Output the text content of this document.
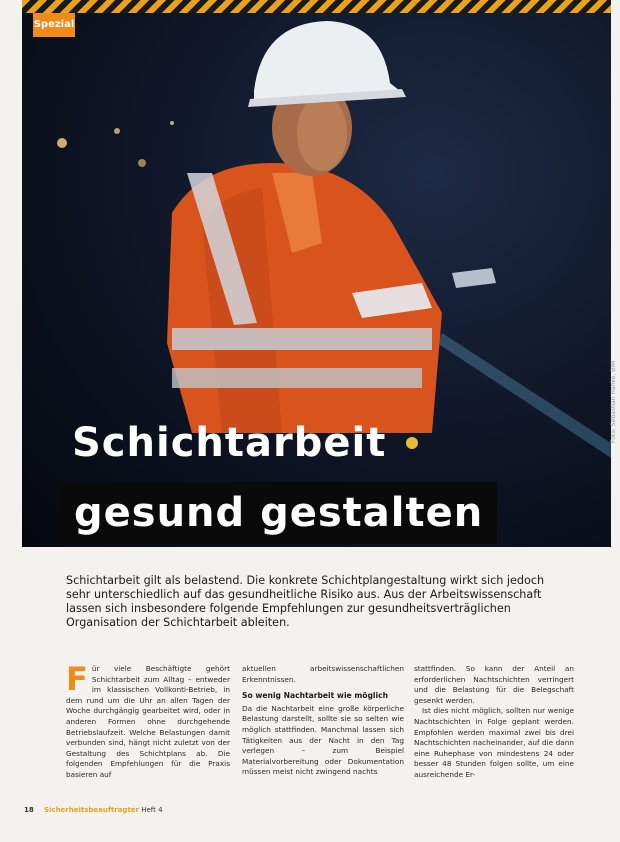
Foto: Sebastian Hanke, BIM
Spezial
Schichtarbeit
gesund gestalten
Schichtarbeit gilt als belastend. Die konkrete Schichtplangestaltung wirkt sich jedoch sehr unterschiedlich auf das gesundheitliche Risiko aus. Aus der Arbeitswissenschaft lassen sich insbesondere folgende Empfehlungen zur gesundheitsverträglichen Organisation der Schichtarbeit ableiten.
F ür viele Beschäftigte gehört Schichtarbeit zum Alltag – entweder im klassischen Vollkonti-Betrieb, in dem rund um die Uhr an allen Tagen der Woche durchgängig gearbeitet wird, oder in anderen Formen ohne durchgehende Betriebslaufzeit. Welche Belastungen damit verbunden sind, hängt nicht zuletzt von der Gestaltung des Schichtplans ab. Die folgenden Empfehlungen für die Praxis basieren auf
aktuellen arbeitswissenschaftlichen Erkenntnissen.
So wenig Nachtarbeit wie möglich
Da die Nachtarbeit eine große körperliche Belastung darstellt, sollte sie so selten wie möglich stattfinden. Manchmal lassen sich Tätigkeiten aus der Nacht in den Tag verlegen – zum Beispiel Materialvorbereitung oder Dokumentation müssen meist nicht zwingend nachts
stattfinden. So kann der Anteil an erforderlichen Nachtschichten verringert und die Belastung für die Belegschaft gesenkt werden.
Ist dies nicht möglich, sollten nur wenige Nachtschichten in Folge geplant werden. Empfohlen werden maximal zwei bis drei Nachtschichten nacheinander, auf die dann eine Ruhephase von mindestens 24 oder besser 48 Stunden folgen sollte, um eine ausreichende Er-
18 Sicherheitsbeauftragter Heft 4
